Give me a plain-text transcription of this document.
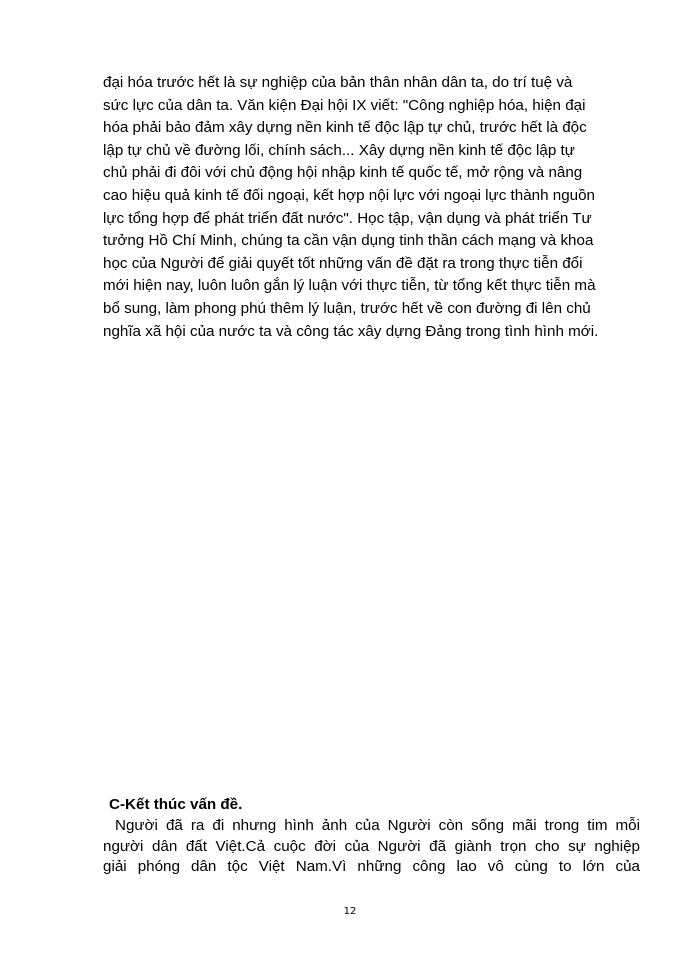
đại hóa trước hết là sự nghiệp của bản thân nhân dân ta, do trí tuệ và
sức lực của dân ta. Văn kiện Đại hội IX viết: "Công nghiệp hóa, hiện đại
hóa phải bảo đảm xây dựng nền kinh tế độc lập tự chủ, trước hết là độc
lập tự chủ về đường lối, chính sách... Xây dựng nền kinh tế độc lập tự
chủ phải đi đôi với chủ động hội nhập kinh tế quốc tế, mở rộng và nâng
cao hiệu quả kinh tế đối ngoại, kết hợp nội lực với ngoại lực thành nguồn
lực tổng hợp để phát triển đất nước". Học tập, vận dụng và phát triển Tư
tưởng Hồ Chí Minh, chúng ta cần vận dụng tinh thần cách mạng và khoa
học của Người để giải quyết tốt những vấn đề đặt ra trong thực tiễn đổi
mới hiện nay, luôn luôn gắn lý luận với thực tiễn, từ tổng kết thực tiễn mà
bổ sung, làm phong phú thêm lý luận, trước hết về con đường đi lên chủ
nghĩa xã hội của nước ta và công tác xây dựng Đảng trong tình hình mới.
C-Kết thúc vấn đề.
Người đã ra đi nhưng hình ảnh của Người còn sống mãi trong tim mỗi
người dân đất Việt.Cả cuộc đời của Người đã giành trọn cho sự nghiệp
giải phóng dân tộc Việt Nam.Vì những công lao vô cùng to lớn của
12
